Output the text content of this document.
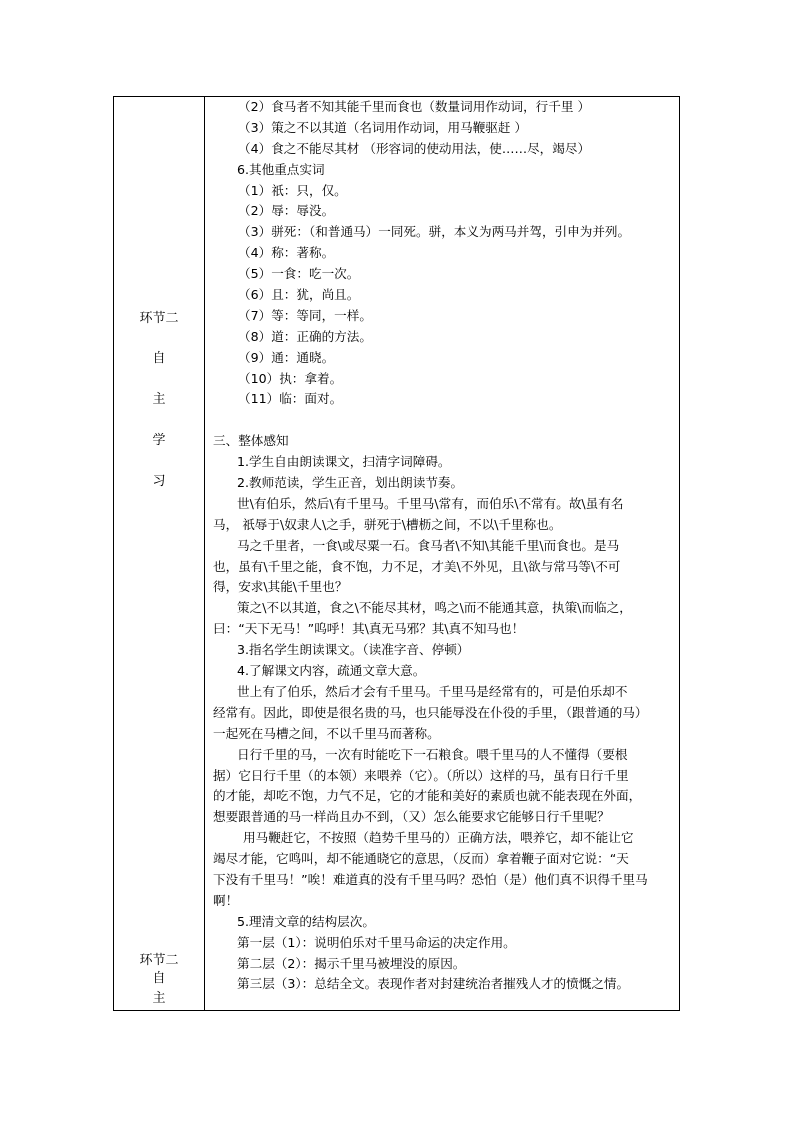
环节二
自
主
学
习
环节二
自
主
（2）食马者不知其能千里而食也（数量词用作动词，行千里 ）
（3）策之不以其道（名词用作动词，用马鞭驱赶 ）
（4）食之不能尽其材 （形容词的使动用法，使……尽，竭尽）
6.其他重点实词
（1）祇：只，仅。
（2）辱：辱没。
（3）骈死：（和普通马）一同死。骈，本义为两马并驾，引申为并列。
（4）称：著称。
（5）一食：吃一次。
（6）且：犹，尚且。
（7）等：等同，一样。
（8）道：正确的方法。
（9）通：通晓。
（10）执：拿着。
（11）临：面对。
三、整体感知
1.学生自由朗读课文，扫清字词障碍。
2.教师范读，学生正音，划出朗读节奏。
世\有伯乐，然后\有千里马。千里马\常有，而伯乐\不常有。故\虽有名
马， 祇辱于\奴隶人\之手，骈死于\槽枥之间，不以\千里称也。
马之千里者，一食\或尽粟一石。食马者\不知\其能千里\而食也。是马
也，虽有\千里之能，食不饱，力不足，才美\不外见，且\欲与常马等\不可
得，安求\其能\千里也？
策之\不以其道，食之\不能尽其材，鸣之\而不能通其意，执策\而临之，
曰：“天下无马！”呜呼！其\真无马邪？其\真不知马也！
3.指名学生朗读课文。（读准字音、停顿）
4.了解课文内容，疏通文章大意。
世上有了伯乐，然后才会有千里马。千里马是经常有的，可是伯乐却不
经常有。因此，即使是很名贵的马，也只能辱没在仆役的手里，（跟普通的马）
一起死在马槽之间，不以千里马而著称。
日行千里的马，一次有时能吃下一石粮食。喂千里马的人不懂得（要根
据）它日行千里（的本领）来喂养（它）。（所以）这样的马，虽有日行千里
的才能，却吃不饱，力气不足，它的才能和美好的素质也就不能表现在外面，
想要跟普通的马一样尚且办不到，（又）怎么能要求它能够日行千里呢？
用马鞭赶它，不按照（趋势千里马的）正确方法，喂养它，却不能让它
竭尽才能，它鸣叫，却不能通晓它的意思，（反而）拿着鞭子面对它说：“天
下没有千里马！”唉！难道真的没有千里马吗？恐怕（是）他们真不识得千里马
啊！
5.理清文章的结构层次。
第一层（1）：说明伯乐对千里马命运的决定作用。
第二层（2）：揭示千里马被埋没的原因。
第三层（3）：总结全文。表现作者对封建统治者摧残人才的愤慨之情。
